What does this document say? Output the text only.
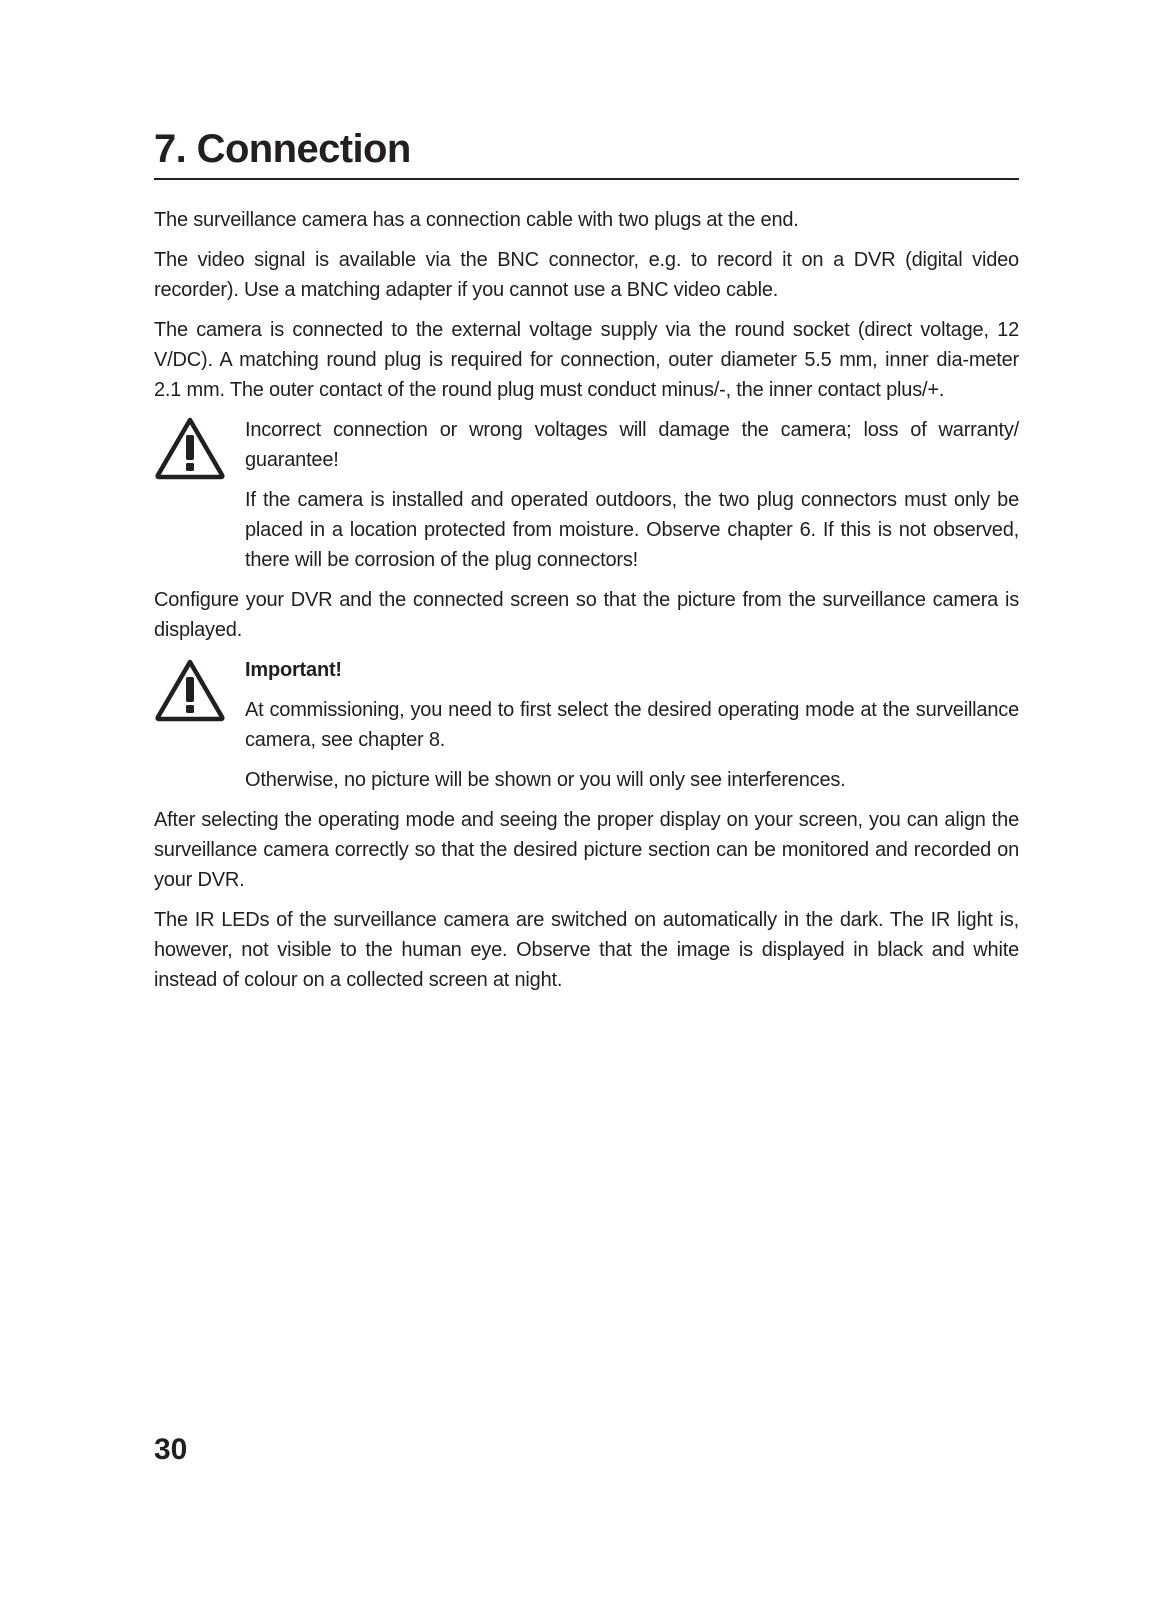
7. Connection

The surveillance camera has a connection cable with two plugs at the end.

The video signal is available via the BNC connector, e.g. to record it on a DVR (digital video recorder). Use a matching adapter if you cannot use a BNC video cable.

The camera is connected to the external voltage supply via the round socket (direct voltage, 12 V/DC). A matching round plug is required for connection, outer diameter 5.5 mm, inner dia-meter 2.1 mm. The outer contact of the round plug must conduct minus/-, the inner contact plus/+.

Incorrect connection or wrong voltages will damage the camera; loss of warranty/ guarantee!

If the camera is installed and operated outdoors, the two plug connectors must only be placed in a location protected from moisture. Observe chapter 6. If this is not observed, there will be corrosion of the plug connectors!

Configure your DVR and the connected screen so that the picture from the surveillance camera is displayed.

Important!

At commissioning, you need to first select the desired operating mode at the surveillance camera, see chapter 8.

Otherwise, no picture will be shown or you will only see interferences.

After selecting the operating mode and seeing the proper display on your screen, you can align the surveillance camera correctly so that the desired picture section can be monitored and recorded on your DVR.

The IR LEDs of the surveillance camera are switched on automatically in the dark. The IR light is, however, not visible to the human eye. Observe that the image is displayed in black and white instead of colour on a collected screen at night.

30
